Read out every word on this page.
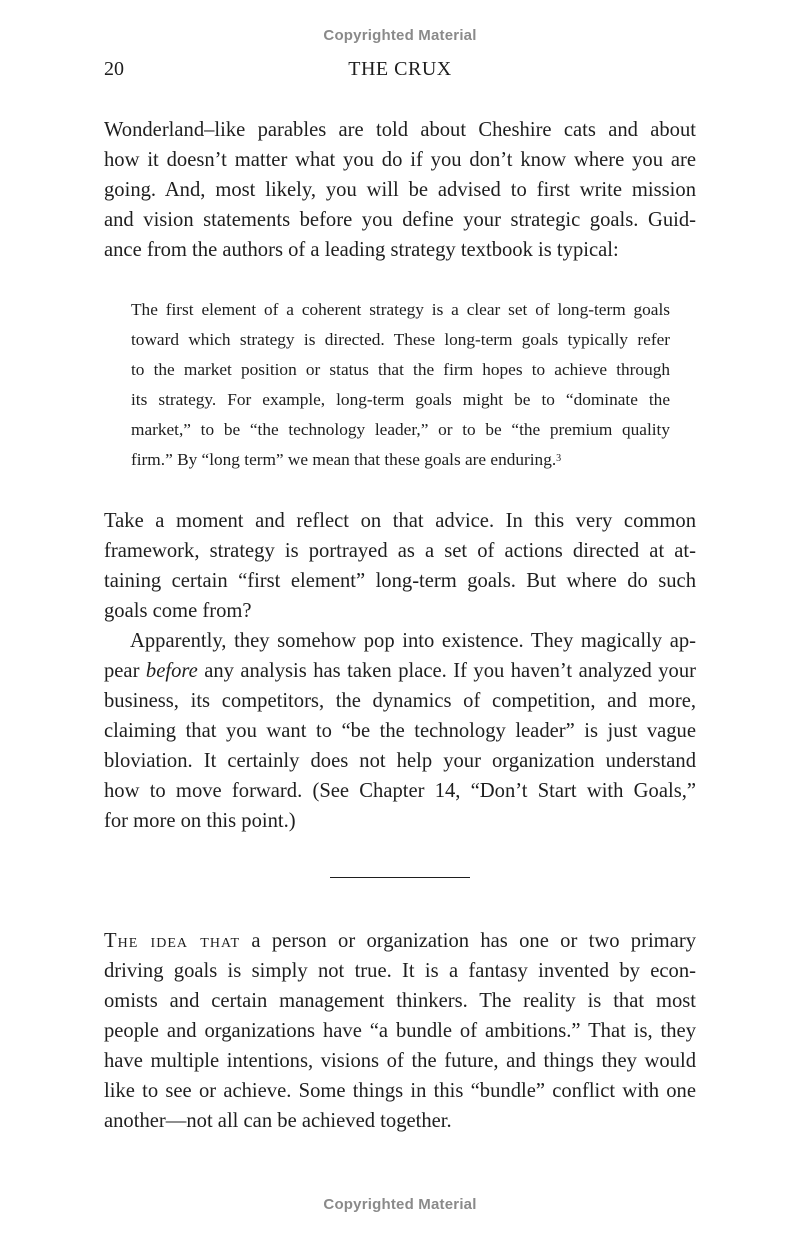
Copyrighted Material
20	THE CRUX

Wonderland–like parables are told about Cheshire cats and about
how it doesn’t matter what you do if you don’t know where you are
going. And, most likely, you will be advised to first write mission
and vision statements before you define your strategic goals. Guid-
ance from the authors of a leading strategy textbook is typical:

The first element of a coherent strategy is a clear set of long-term goals
toward which strategy is directed. These long-term goals typically refer
to the market position or status that the firm hopes to achieve through
its strategy. For example, long-term goals might be to “dominate the
market,” to be “the technology leader,” or to be “the premium quality
firm.” By “long term” we mean that these goals are enduring.$^3$

Take a moment and reflect on that advice. In this very common
framework, strategy is portrayed as a set of actions directed at at-
taining certain “first element” long-term goals. But where do such
goals come from?

Apparently, they somehow pop into existence. They magically ap-
pear before any analysis has taken place. If you haven’t analyzed your
business, its competitors, the dynamics of competition, and more,
claiming that you want to “be the technology leader” is just vague
bloviation. It certainly does not help your organization understand
how to move forward. (See Chapter 14, “Don’t Start with Goals,”
for more on this point.)

The idea that a person or organization has one or two primary
driving goals is simply not true. It is a fantasy invented by econ-
omists and certain management thinkers. The reality is that most
people and organizations have “a bundle of ambitions.” That is, they
have multiple intentions, visions of the future, and things they would
like to see or achieve. Some things in this “bundle” conflict with one
another—not all can be achieved together.

Copyrighted Material
